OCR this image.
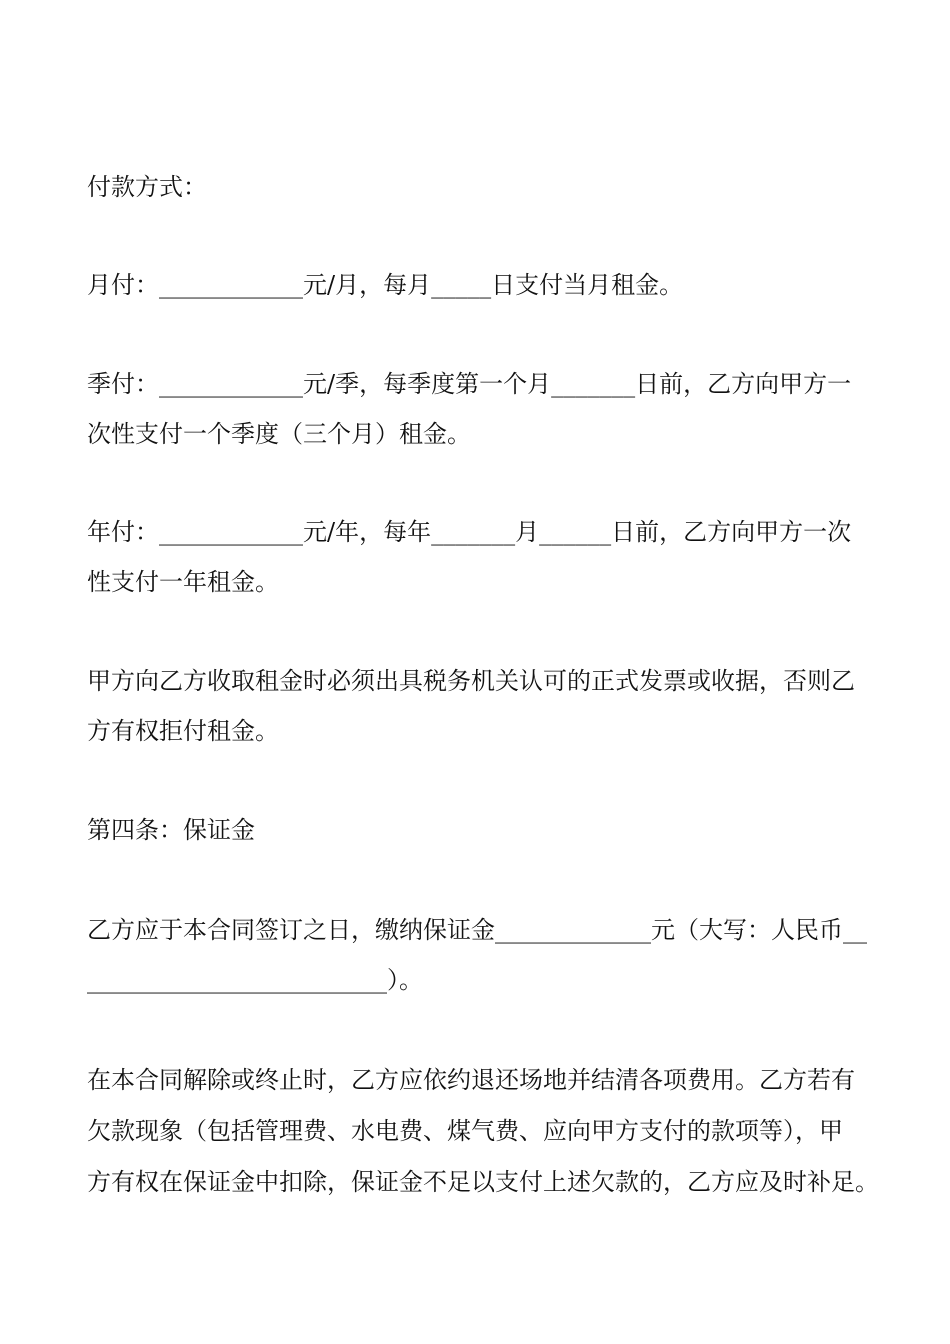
付款方式：
月付：____________元/月，每月_____日支付当月租金。
季付：____________元/季，每季度第一个月_______日前，乙方向甲方一
次性支付一个季度（三个月）租金。
年付：____________元/年，每年_______月______日前，乙方向甲方一次
性支付一年租金。
甲方向乙方收取租金时必须出具税务机关认可的正式发票或收据，否则乙
方有权拒付租金。
第四条：保证金
乙方应于本合同签订之日，缴纳保证金_____________元（大写：人民币__
_________________________）。
在本合同解除或终止时，乙方应依约退还场地并结清各项费用。乙方若有
欠款现象（包括管理费、水电费、煤气费、应向甲方支付的款项等），甲
方有权在保证金中扣除，保证金不足以支付上述欠款的，乙方应及时补足。
